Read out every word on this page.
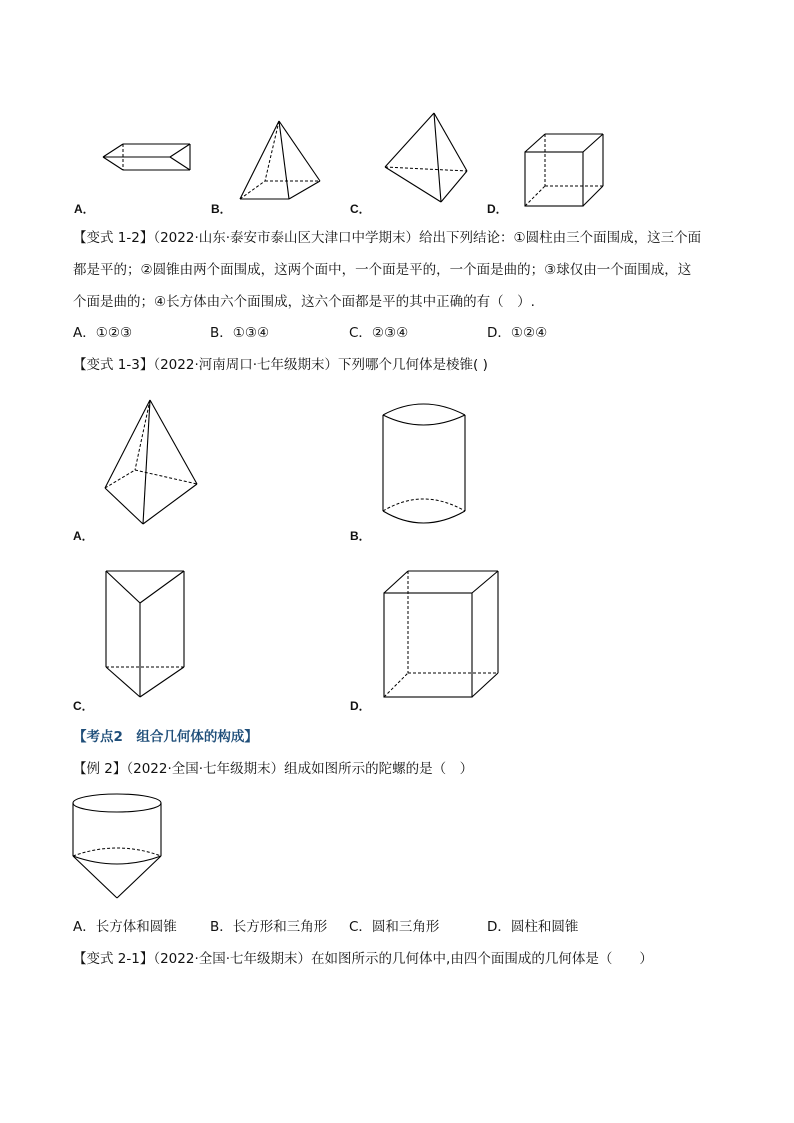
A．	B．	C．	D．
【变式 1-2】（2022·山东·泰安市泰山区大津口中学期末）给出下列结论：①圆柱由三个面围成，这三个面
都是平的；②圆锥由两个面围成，这两个面中，一个面是平的，一个面是曲的；③球仅由一个面围成，这
个面是曲的；④长方体由六个面围成，这六个面都是平的其中正确的有（　）.
A．①②③	B．①③④	C．②③④	D．①②④
【变式 1-3】（2022·河南周口·七年级期末）下列哪个几何体是棱锥( )
A．	B．
C．	D．
【考点2　组合几何体的构成】
【例 2】（2022·全国·七年级期末）组成如图所示的陀螺的是（　）
A．长方体和圆锥 B．长方形和三角形 C．圆和三角形	D．圆柱和圆锥
【变式 2-1】（2022·全国·七年级期末）在如图所示的几何体中,由四个面围成的几何体是（　　）
